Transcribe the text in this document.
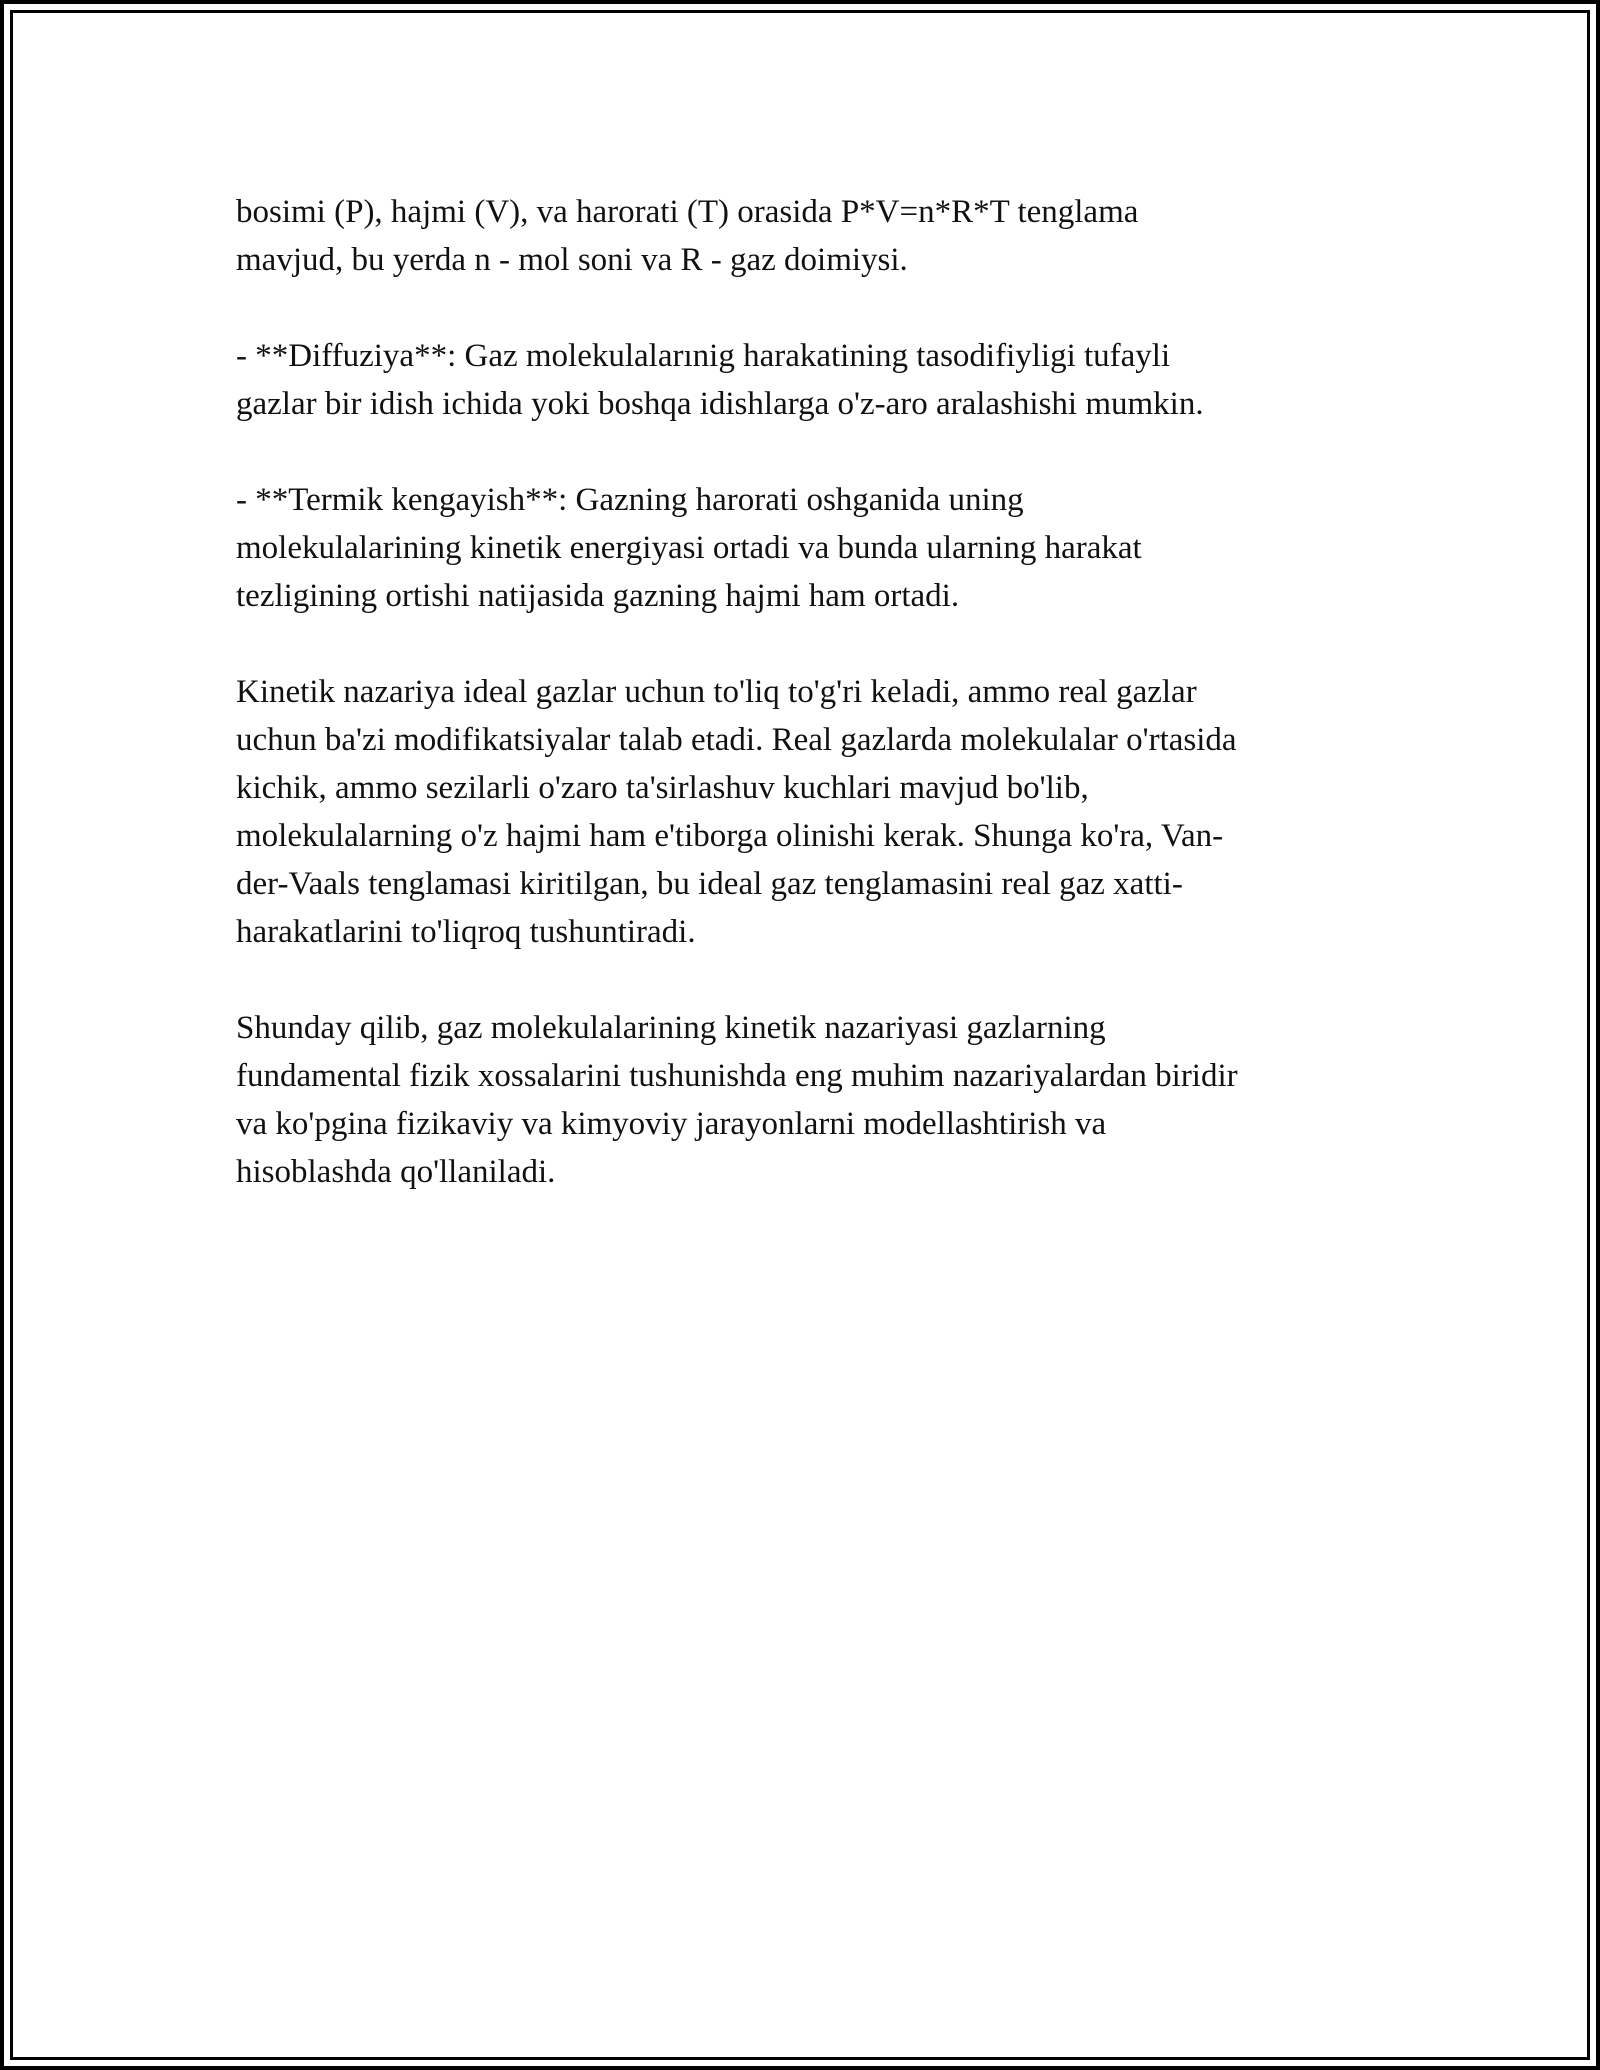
bosimi (P), hajmi (V), va harorati (T) orasida P*V=n*R*T tenglama
mavjud, bu yerda n - mol soni va R - gaz doimiysi.

- **Diffuziya**: Gaz molekulalarınig harakatining tasodifiyligi tufayli
gazlar bir idish ichida yoki boshqa idishlarga o'z-aro aralashishi mumkin.

- **Termik kengayish**: Gazning harorati oshganida uning
molekulalarining kinetik energiyasi ortadi va bunda ularning harakat
tezligining ortishi natijasida gazning hajmi ham ortadi.

Kinetik nazariya ideal gazlar uchun to'liq to'g'ri keladi, ammo real gazlar
uchun ba'zi modifikatsiyalar talab etadi. Real gazlarda molekulalar o'rtasida
kichik, ammo sezilarli o'zaro ta'sirlashuv kuchlari mavjud bo'lib,
molekulalarning o'z hajmi ham e'tiborga olinishi kerak. Shunga ko'ra, Van-
der-Vaals tenglamasi kiritilgan, bu ideal gaz tenglamasini real gaz xatti-
harakatlarini to'liqroq tushuntiradi.

Shunday qilib, gaz molekulalarining kinetik nazariyasi gazlarning
fundamental fizik xossalarini tushunishda eng muhim nazariyalardan biridir
va ko'pgina fizikaviy va kimyoviy jarayonlarni modellashtirish va
hisoblashda qo'llaniladi.
